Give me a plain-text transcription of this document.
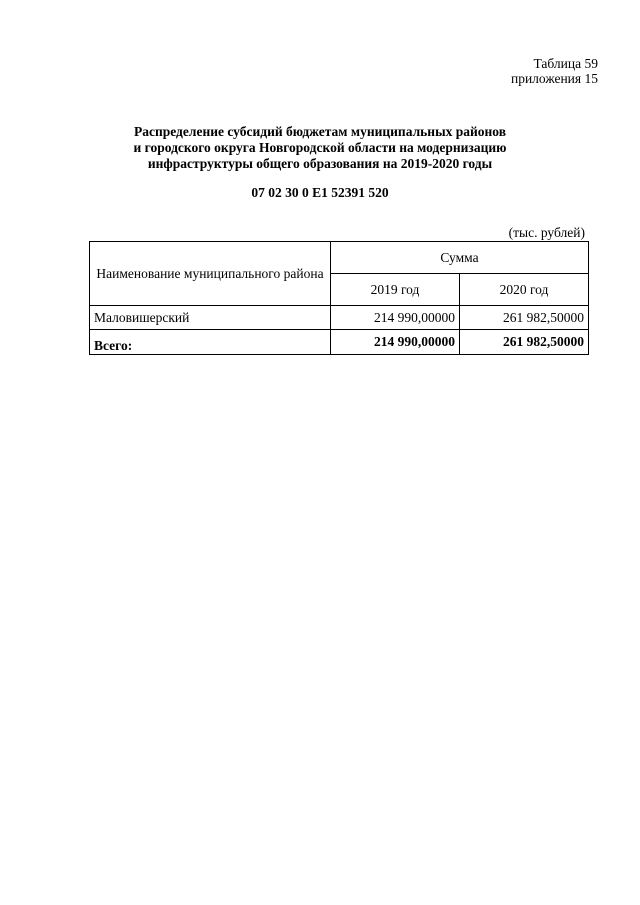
Таблица 59
приложения 15
Распределение субсидий бюджетам муниципальных районов
и городского округа Новгородской области на модернизацию
инфраструктуры общего образования на 2019-2020 годы
07 02 30 0 E1 52391 520
(тыс. рублей)
Наименование муниципального района	Сумма	
	2019 год	2020 год
Маловишерский	214 990,00000	261 982,50000
Всего:	214 990,00000	261 982,50000
